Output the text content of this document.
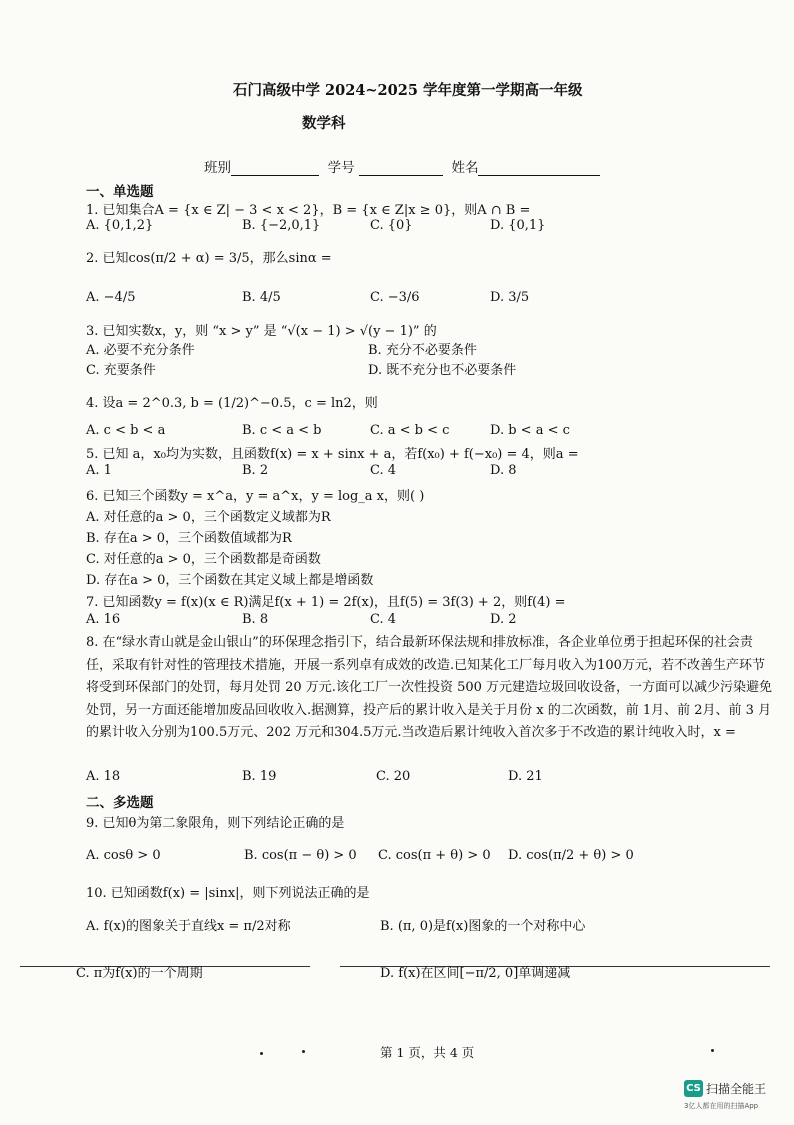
石门高级中学 2024~2025 学年度第一学期高一年级
数学科
班别	学号	姓名
一、单选题
1. 已知集合A = {x ∈ Z| − 3 < x < 2}，B = {x ∈ Z|x ≥ 0}，则A ∩ B =
A. {0,1,2}	B. {−2,0,1}	C. {0}	D. {0,1}
2. 已知cos(π/2 + α) = 3/5，那么sinα =
A. −4/5	B. 4/5	C. −3/6	D. 3/5
3. 已知实数x，y，则 “x > y” 是 “√(x − 1) > √(y − 1)” 的
A. 必要不充分条件	B. 充分不必要条件
C. 充要条件	D. 既不充分也不必要条件
4. 设a = 2^0.3, b = (1/2)^−0.5，c = ln2，则
A. c < b < a	B. c < a < b	C. a < b < c	D. b < a < c
5. 已知 a，x₀均为实数，且函数f(x) = x + sinx + a，若f(x₀) + f(−x₀) = 4，则a =
A. 1	B. 2	C. 4	D. 8
6. 已知三个函数y = x^a，y = a^x，y = log_a x，则( )
A. 对任意的a > 0，三个函数定义域都为R
B. 存在a > 0，三个函数值域都为R
C. 对任意的a > 0，三个函数都是奇函数
D. 存在a > 0，三个函数在其定义域上都是增函数
7. 已知函数y = f(x)(x ∈ R)满足f(x + 1) = 2f(x)，且f(5) = 3f(3) + 2，则f(4) =
A. 16	B. 8	C. 4	D. 2
8. 在“绿水青山就是金山银山”的环保理念指引下，结合最新环保法规和排放标准，各企业单位勇于担起环保的社会责任，采取有针对性的管理技术措施，开展一系列卓有成效的改造.已知某化工厂每月收入为100万元，若不改善生产环节将受到环保部门的处罚，每月处罚 20 万元.该化工厂一次性投资 500 万元建造垃圾回收设备，一方面可以减少污染避免处罚，另一方面还能增加废品回收收入.据测算，投产后的累计收入是关于月份 x 的二次函数，前 1月、前 2月、前 3 月的累计收入分别为100.5万元、202 万元和304.5万元.当改造后累计纯收入首次多于不改造的累计纯收入时，x =
A. 18	B. 19	C. 20	D. 21
二、多选题
9. 已知θ为第二象限角，则下列结论正确的是
A. cosθ > 0	B. cos(π − θ) > 0 C. cos(π + θ) > 0 D. cos(π/2 + θ) > 0
10. 已知函数f(x) = |sinx|，则下列说法正确的是
A. f(x)的图象关于直线x = π/2对称	B. (π, 0)是f(x)图象的一个对称中心
C. π为f(x)的一个周期	D. f(x)在区间[−π/2, 0]单调递减
第 1 页，共 4 页
CS 扫描全能王
3亿人都在用的扫描App
